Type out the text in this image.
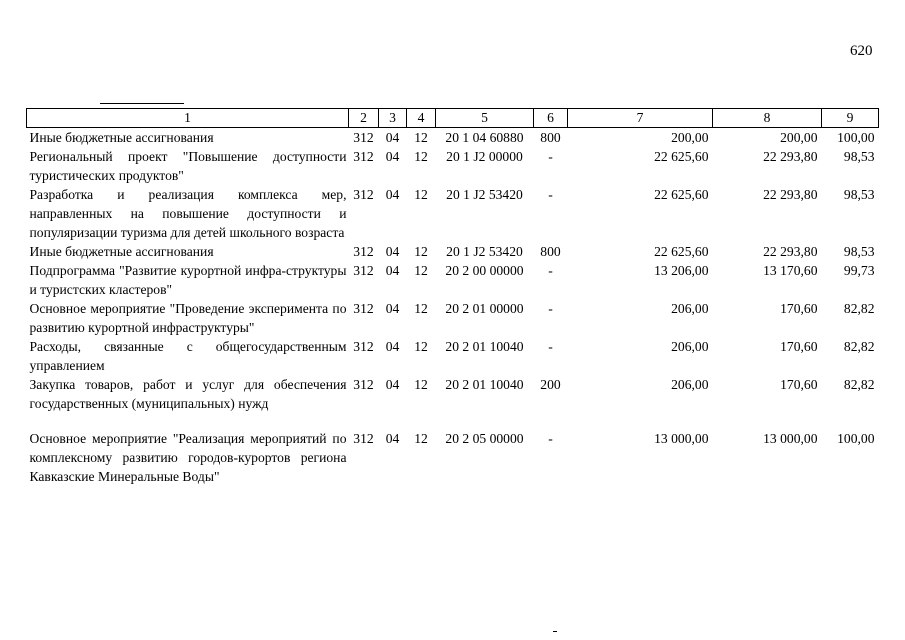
620
1	2	3	4	5	6	7	8	9
Иные бюджетные ассигнования	312	04	12	20 1 04 60880	800	200,00	200,00	100,00
Региональный проект "Повышение доступности туристических продуктов"	312	04	12	20 1 J2 00000	-	22 625,60	22 293,80	98,53
Разработка и реализация комплекса мер, направленных на повышение доступности и популяризации туризма для детей школьного возраста	312	04	12	20 1 J2 53420	-	22 625,60	22 293,80	98,53
Иные бюджетные ассигнования	312	04	12	20 1 J2 53420	800	22 625,60	22 293,80	98,53
Подпрограмма "Развитие курортной инфра-структуры и туристских кластеров"	312	04	12	20 2 00 00000	-	13 206,00	13 170,60	99,73
Основное мероприятие "Проведение эксперимента по развитию курортной инфраструктуры"	312	04	12	20 2 01 00000	-	206,00	170,60	82,82
Расходы, связанные с общегосударственным управлением	312	04	12	20 2 01 10040	-	206,00	170,60	82,82
Закупка товаров, работ и услуг для обеспечения государственных (муниципальных) нужд	312	04	12	20 2 01 10040	200	206,00	170,60	82,82

Основное мероприятие "Реализация мероприятий по комплексному развитию городов-курортов региона Кавказские Минеральные Воды"	312	04	12	20 2 05 00000	-	13 000,00	13 000,00	100,00
